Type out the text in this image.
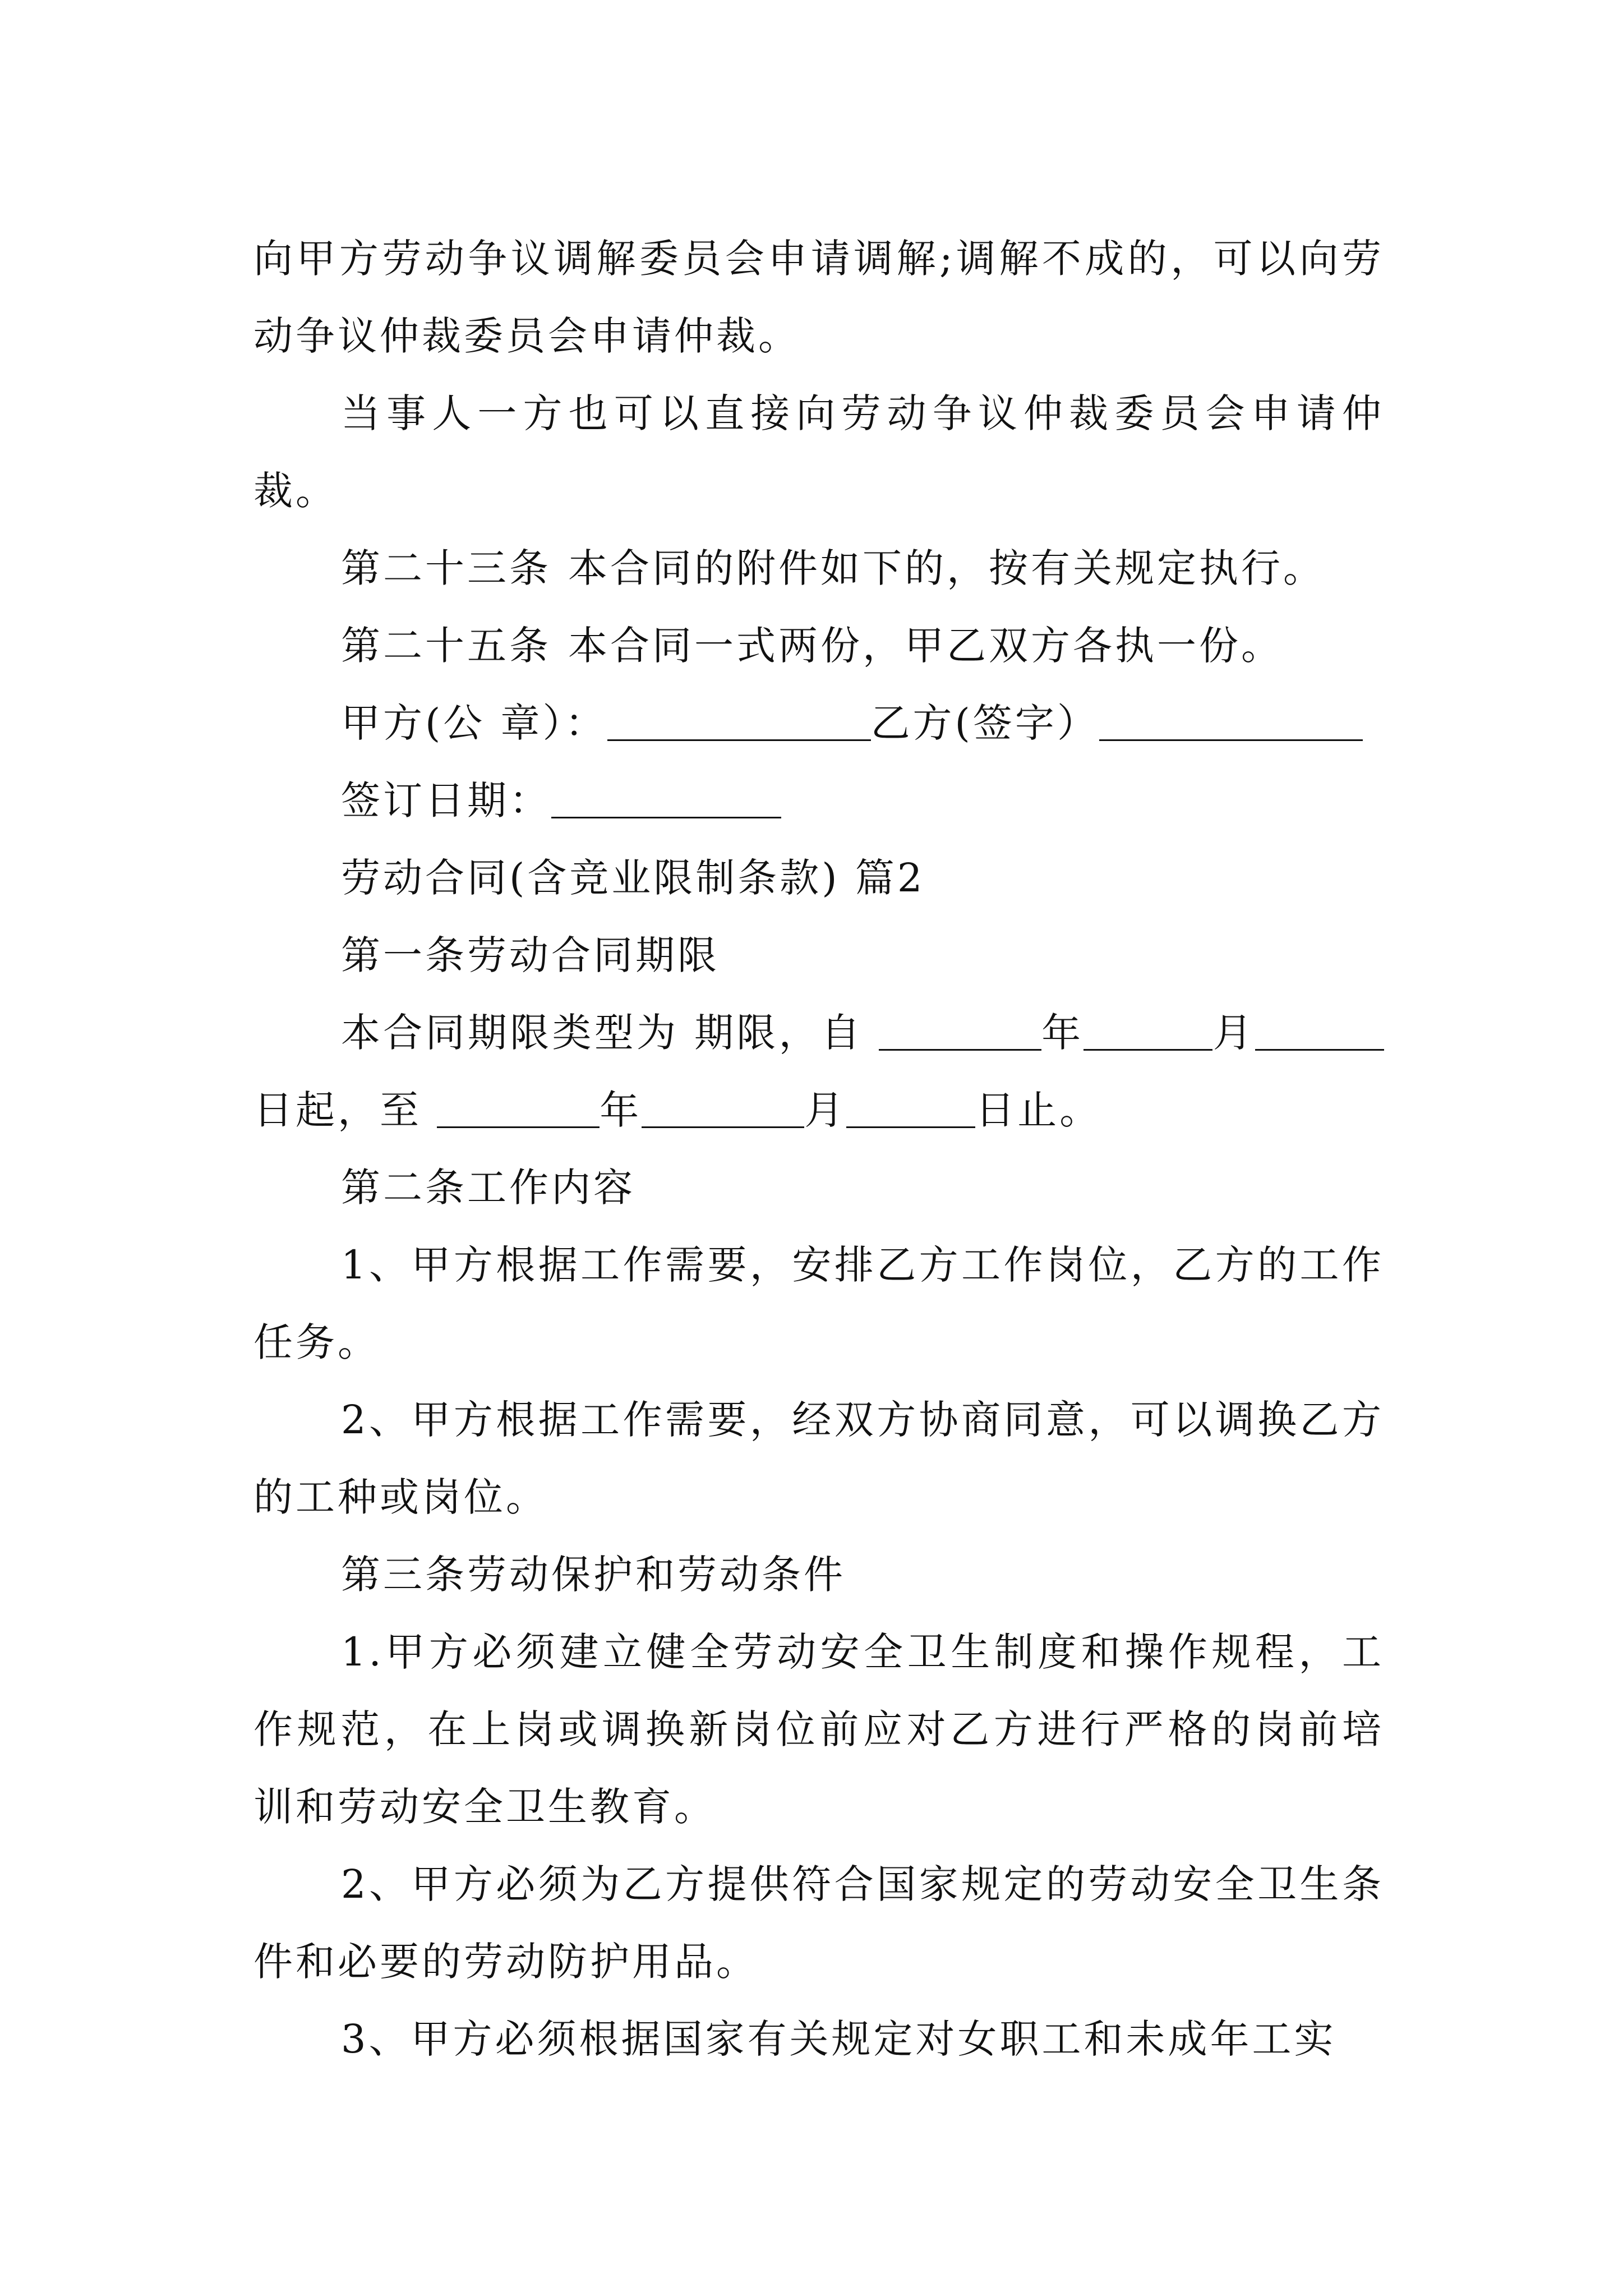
向甲方劳动争议调解委员会申请调解;调解不成的，可以向劳动争议仲裁委员会申请仲裁。

当事人一方也可以直接向劳动争议仲裁委员会申请仲裁。

第二十三条 本合同的附件如下的，按有关规定执行。

第二十五条 本合同一式两份，甲乙双方各执一份。

甲方(公 章）：	乙方(签字）

签订日期：

劳动合同(含竞业限制条款) 篇2

第一条劳动合同期限

本合同期限类型为 期限，自	年	月日起，至	年	月	日止。

第二条工作内容

1、甲方根据工作需要，安排乙方工作岗位，乙方的工作任务。

2、甲方根据工作需要，经双方协商同意，可以调换乙方的工种或岗位。

第三条劳动保护和劳动条件

1.甲方必须建立健全劳动安全卫生制度和操作规程，工作规范，在上岗或调换新岗位前应对乙方进行严格的岗前培训和劳动安全卫生教育。

2、甲方必须为乙方提供符合国家规定的劳动安全卫生条件和必要的劳动防护用品。

3、甲方必须根据国家有关规定对女职工和未成年工实
